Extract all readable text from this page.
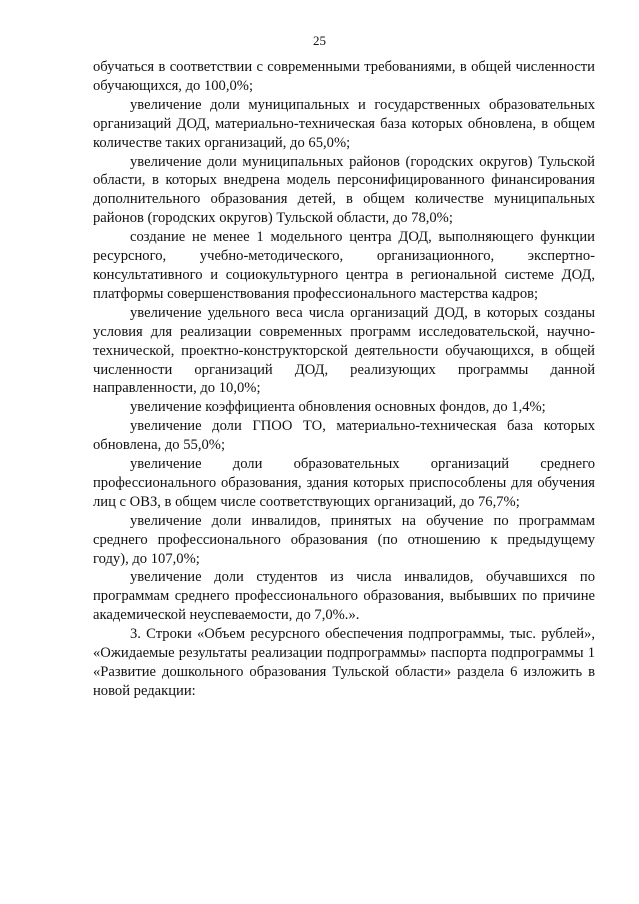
25

обучаться в соответствии с современными требованиями, в общей численности обучающихся, до 100,0%;

увеличение доли муниципальных и государственных образовательных организаций ДОД, материально-техническая база которых обновлена, в общем количестве таких организаций, до 65,0%;

увеличение доли муниципальных районов (городских округов) Тульской области, в которых внедрена модель персонифицированного финансирования дополнительного образования детей, в общем количестве муниципальных районов (городских округов) Тульской области, до 78,0%;

создание не менее 1 модельного центра ДОД, выполняющего функции ресурсного, учебно-методического, организационного, экспертно-консультативного и социокультурного центра в региональной системе ДОД, платформы совершенствования профессионального мастерства кадров;

увеличение удельного веса числа организаций ДОД, в которых созданы условия для реализации современных программ исследовательской, научно-технической, проектно-конструкторской деятельности обучающихся, в общей численности организаций ДОД, реализующих программы данной направленности, до 10,0%;

увеличение коэффициента обновления основных фондов, до 1,4%;

увеличение доли ГПОО ТО, материально-техническая база которых обновлена, до 55,0%;

увеличение доли образовательных организаций среднего профессионального образования, здания которых приспособлены для обучения лиц с ОВЗ, в общем числе соответствующих организаций, до 76,7%;

увеличение доли инвалидов, принятых на обучение по программам среднего профессионального образования (по отношению к предыдущему году), до 107,0%;

увеличение доли студентов из числа инвалидов, обучавшихся по программам среднего профессионального образования, выбывших по причине академической неуспеваемости, до 7,0%.».

3. Строки «Объем ресурсного обеспечения подпрограммы, тыс. рублей», «Ожидаемые результаты реализации подпрограммы» паспорта подпрограммы 1 «Развитие дошкольного образования Тульской области» раздела 6 изложить в новой редакции:
